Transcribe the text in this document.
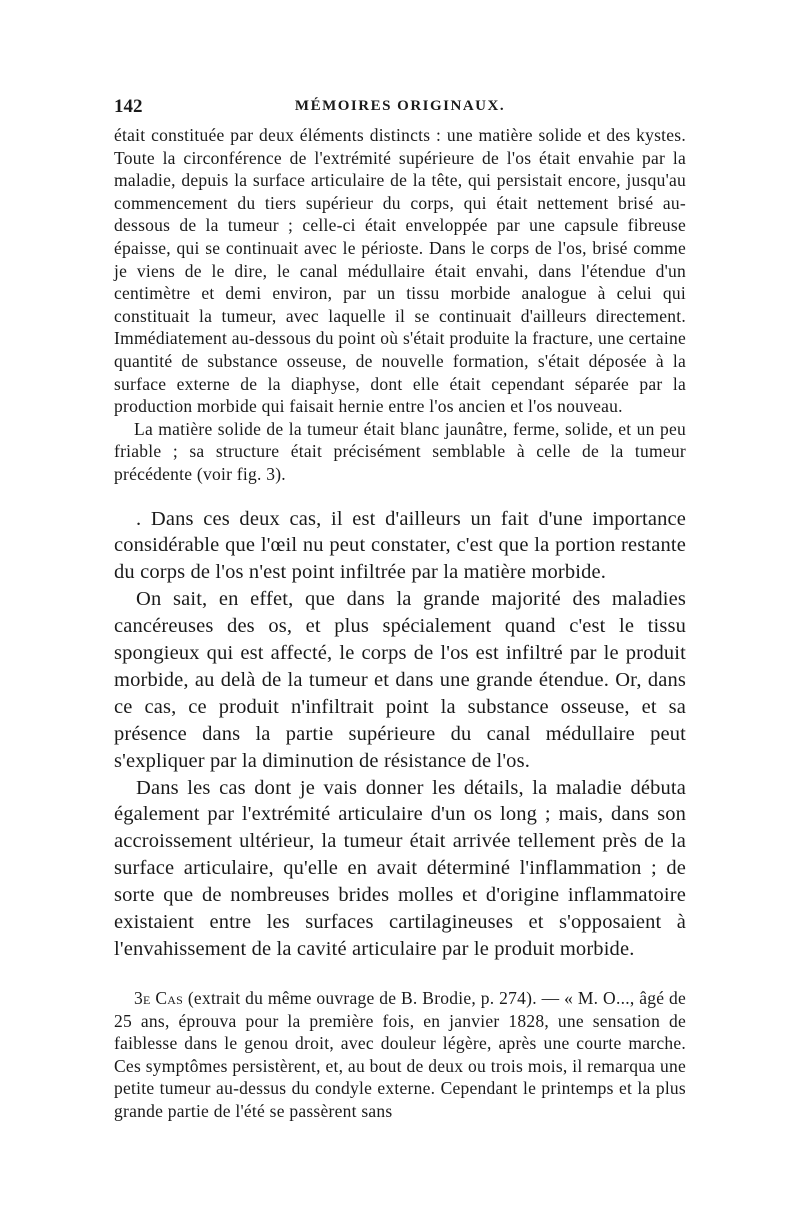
142	MÉMOIRES ORIGINAUX.

était constituée par deux éléments distincts : une matière solide et des kystes. Toute la circonférence de l'extrémité supérieure de l'os était envahie par la maladie, depuis la surface articulaire de la tête, qui persistait encore, jusqu'au commencement du tiers supérieur du corps, qui était nettement brisé au-dessous de la tumeur ; celle-ci était enveloppée par une capsule fibreuse épaisse, qui se continuait avec le périoste. Dans le corps de l'os, brisé comme je viens de le dire, le canal médullaire était envahi, dans l'étendue d'un centimètre et demi environ, par un tissu morbide analogue à celui qui constituait la tumeur, avec laquelle il se continuait d'ailleurs directement. Immédiatement au-dessous du point où s'était produite la fracture, une certaine quantité de substance osseuse, de nouvelle formation, s'était déposée à la surface externe de la diaphyse, dont elle était cependant séparée par la production morbide qui faisait hernie entre l'os ancien et l'os nouveau.

La matière solide de la tumeur était blanc jaunâtre, ferme, solide, et un peu friable ; sa structure était précisément semblable à celle de la tumeur précédente (voir fig. 3).

. Dans ces deux cas, il est d'ailleurs un fait d'une importance considérable que l'œil nu peut constater, c'est que la portion restante du corps de l'os n'est point infiltrée par la matière morbide.

On sait, en effet, que dans la grande majorité des maladies cancéreuses des os, et plus spécialement quand c'est le tissu spongieux qui est affecté, le corps de l'os est infiltré par le produit morbide, au delà de la tumeur et dans une grande étendue. Or, dans ce cas, ce produit n'infiltrait point la substance osseuse, et sa présence dans la partie supérieure du canal médullaire peut s'expliquer par la diminution de résistance de l'os.

Dans les cas dont je vais donner les détails, la maladie débuta également par l'extrémité articulaire d'un os long ; mais, dans son accroissement ultérieur, la tumeur était arrivée tellement près de la surface articulaire, qu'elle en avait déterminé l'inflammation ; de sorte que de nombreuses brides molles et d'origine inflammatoire existaient entre les surfaces cartilagineuses et s'opposaient à l'envahissement de la cavité articulaire par le produit morbide.

3e Cas (extrait du même ouvrage de B. Brodie, p. 274). — « M. O..., âgé de 25 ans, éprouva pour la première fois, en janvier 1828, une sensation de faiblesse dans le genou droit, avec douleur légère, après une courte marche. Ces symptômes persistèrent, et, au bout de deux ou trois mois, il remarqua une petite tumeur au-dessus du condyle externe. Cependant le printemps et la plus grande partie de l'été se passèrent sans
